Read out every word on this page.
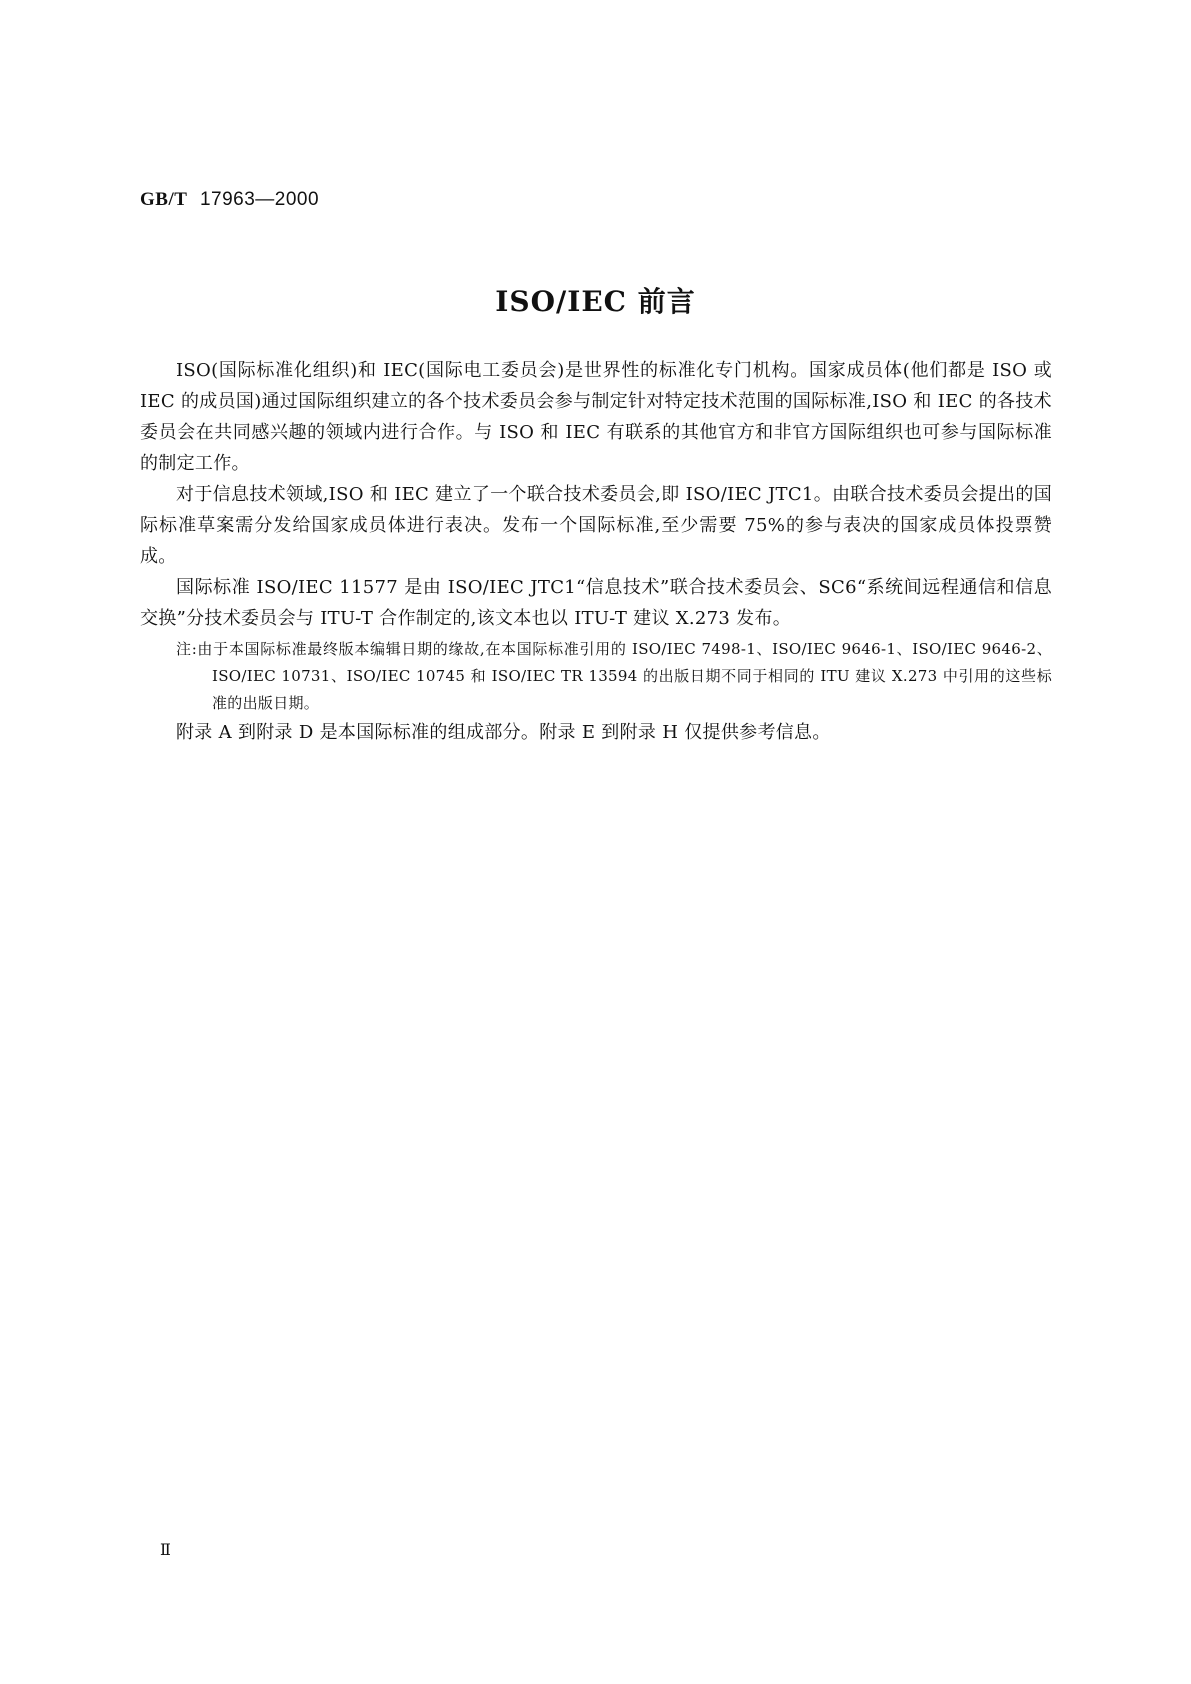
GB/T 17963—2000
ISO/IEC 前言

ISO(国际标准化组织)和 IEC(国际电工委员会)是世界性的标准化专门机构。国家成员体(他们都是 ISO 或 IEC 的成员国)通过国际组织建立的各个技术委员会参与制定针对特定技术范围的国际标准,ISO 和 IEC 的各技术委员会在共同感兴趣的领域内进行合作。与 ISO 和 IEC 有联系的其他官方和非官方国际组织也可参与国际标准的制定工作。

对于信息技术领域,ISO 和 IEC 建立了一个联合技术委员会,即 ISO/IEC JTC1。由联合技术委员会提出的国际标准草案需分发给国家成员体进行表决。发布一个国际标准,至少需要 75%的参与表决的国家成员体投票赞成。

国际标准 ISO/IEC 11577 是由 ISO/IEC JTC1“信息技术”联合技术委员会、SC6“系统间远程通信和信息交换”分技术委员会与 ITU-T 合作制定的,该文本也以 ITU-T 建议 X.273 发布。

注:由于本国际标准最终版本编辑日期的缘故,在本国际标准引用的 ISO/IEC 7498-1、ISO/IEC 9646-1、ISO/IEC 9646-2、ISO/IEC 10731、ISO/IEC 10745 和 ISO/IEC TR 13594 的出版日期不同于相同的 ITU 建议 X.273 中引用的这些标准的出版日期。

附录 A 到附录 D 是本国际标准的组成部分。附录 E 到附录 H 仅提供参考信息。

Ⅱ
